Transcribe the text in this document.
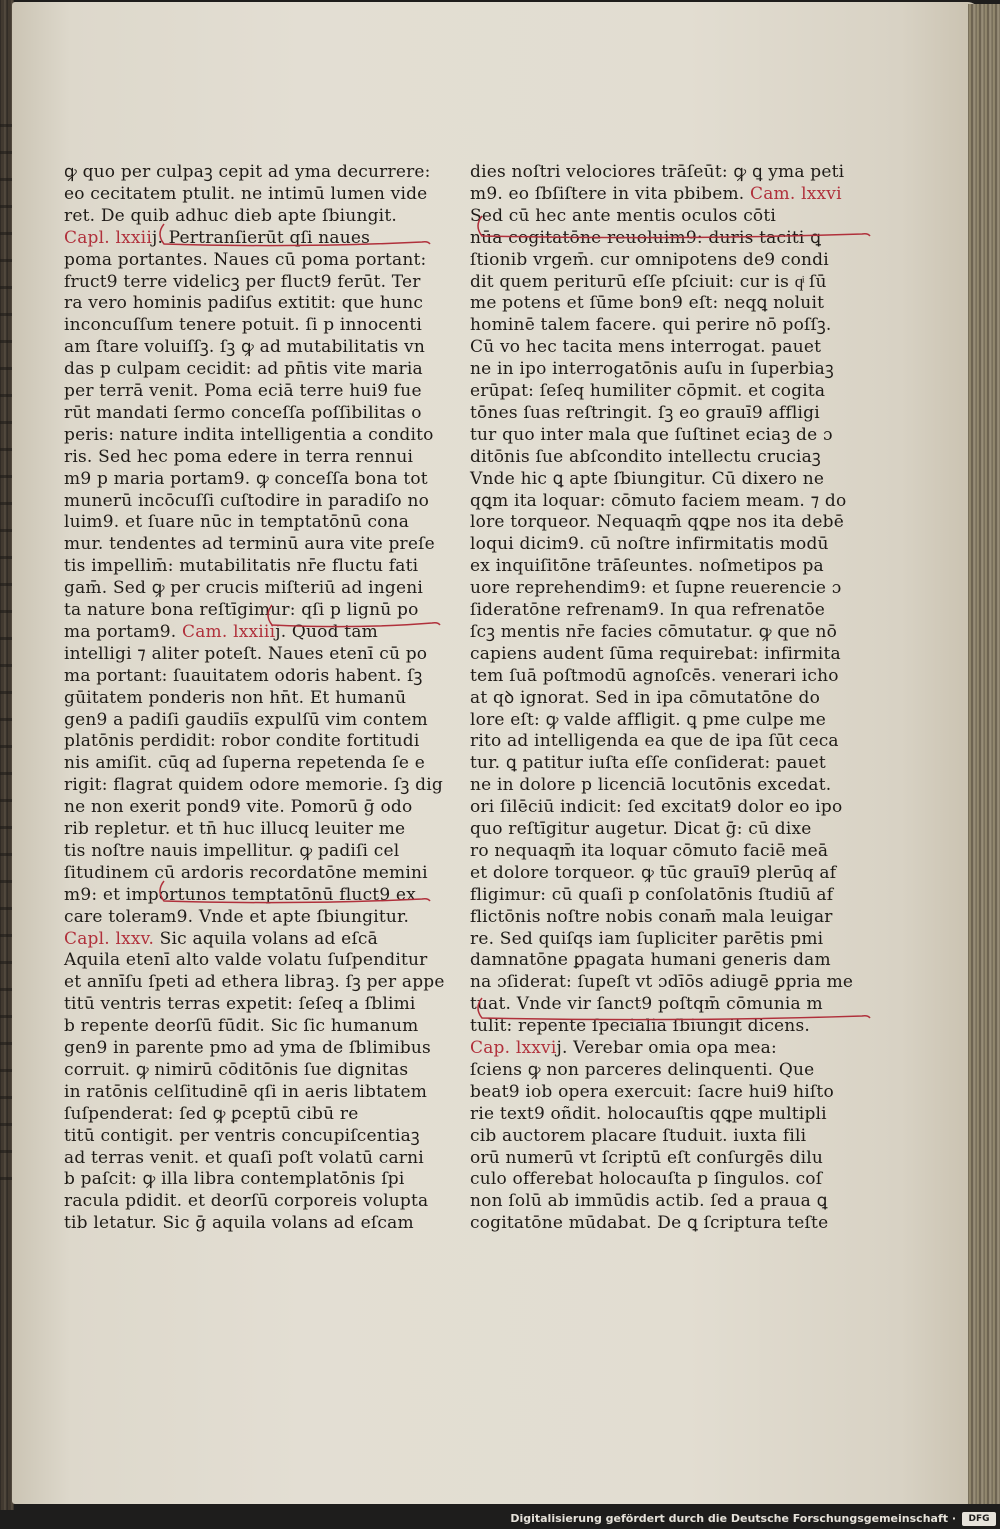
ꝙ quo per culpaꝫ cepit ad yma decurrere:
eo cecitatem ptulit. ne intimū lumen vide
ret. De quib adhuc dieb apte ſbiungit.
Capl. lxxiij. Pertranſierūt qſi naues
poma portantes. Naues cū poma portant:
fruct9 terre videlicꝫ per fluct9 ferūt. Ter
ra vero hominis padiſus extitit: que hunc
inconcuſſum tenere potuit. ſi p innocenti
am ſtare voluiſſꝫ. ſꝫ ꝙ ad mutabilitatis vn
das p culpam cecidit: ad pn̄tis vite maria
per terrā venit. Poma eciā terre hui9 fue
rūt mandati ſermo conceſſa poſſibilitas o
peris: nature indita intelligentia a condito
ris. Sed hec poma edere in terra rennui
m9 p maria portam9. ꝙ conceſſa bona tot
munerū incōcuſſi cuſtodire in paradiſo no
luim9. et ſuare nūc in temptatōnū cona
mur. tendentes ad terminū aura vite preſe
tis impellim̄: mutabilitatis nr̄e fluctu fati
gam̄. Sed ꝙ per crucis miſteriū ad ingeni
ta nature bona reſtīgimur: qſi p lignū po
ma portam9. Cam. lxxiiij. Quod tam
intelligi ⁊ aliter poteſt. Naues etenī cū po
ma portant: ſuauitatem odoris habent. ſꝫ
gūitatem ponderis non hn̄t. Et humanū
gen9 a padiſi gaudiīs expulſū vim contem
platōnis perdidit: robor condite fortitudi
nis amiſit. cūq ad ſuperna repetenda ſe e
rigit: flagrat quidem odore memorie. ſꝫ dig
ne non exerit pond9 vite. Pomorū ḡ odo
rib repletur. et tn̄ huc illucq leuiter me
tis noſtre nauis impellitur. ꝙ padiſi cel
ſitudinem cū ardoris recordatōne memini
m9: et importunos temptatōnū fluct9 ex
care toleram9. Vnde et apte ſbiungitur.
Capl. lxxv. Sic aquila volans ad eſcā
Aquila etenī alto valde volatu ſuſpenditur
et annīſu ſpeti ad ethera libraꝫ. ſꝫ per appe
titū ventris terras expetit: ſeſeq a ſblimi
b repente deorſū fūdit. Sic ſic humanum
gen9 in parente pmo ad yma de ſblimibus
corruit. ꝙ nimirū cōditōnis ſue dignitas
in ratōnis celſitudinē qſi in aeris libtatem
ſuſpenderat: ſed ꝙ ꝑceptū cibū re
titū contigit. per ventris concupiſcentiaꝫ
ad terras venit. et quaſi poſt volatū carni
b paſcit: ꝙ illa libra contemplatōnis ſpi
racula pdidit. et deorſū corporeis volupta
tib letatur. Sic ḡ aquila volans ad eſcam
dies noſtri velociores trāſeūt: ꝙ ꝗ yma peti
m9. eo ſbſiſtere in vita pbibem. Cam. lxxvi
Sed cū hec ante mentis oculos cōti
nūa cogitatōne reuoluim9: duris taciti ꝗ
ſtionib vrgem̄. cur omnipotens de9 condi
dit quem periturū eſſe pſciuit: cur is qͥ ſū
me potens et ſūme bon9 eſt: neqꝗ noluit
hominē talem facere. qui perire nō poſſꝫ.
Cū vo hec tacita mens interrogat. pauet
ne in ipo interrogatōnis auſu in ſuperbiaꝫ
erūpat: ſeſeq humiliter cōpmit. et cogita
tōnes ſuas reſtringit. ſꝫ eo grauī9 affligi
tur quo inter mala que ſuſtinet eciaꝫ de ɔ
ditōnis ſue abſcondito intellectu cruciaꝫ
Vnde hic ꝗ apte ſbiungitur. Cū dixero ne
qꝗm ita loquar: cōmuto faciem meam. ⁊ do
lore torqueor. Nequaqm̄ qꝗpe nos ita debē
loqui dicim9. cū noſtre infirmitatis modū
ex inquiſitōne trāſeuntes. noſmetipos pa
uore reprehendim9: et ſupne reuerencie ɔ
ſideratōne refrenam9. In qua refrenatōe
ſcꝫ mentis nr̄e facies cōmutatur. ꝙ que nō
capiens audent ſūma requirebat: infirmita
tem ſuā poſtmodū agnoſcēs. venerari icho
at qꝺ ignorat. Sed in ipa cōmutatōne do
lore eſt: ꝙ valde affligit. ꝗ pme culpe me
rito ad intelligenda ea que de ipa ſūt ceca
tur. ꝗ patitur iuſta eſſe conſiderat: pauet
ne in dolore p licenciā locutōnis excedat.
ori ſilēciū indicit: ſed excitat9 dolor eo ipo
quo reſtīgitur augetur. Dicat ḡ: cū dixe
ro nequaqm̄ ita loquar cōmuto faciē meā
et dolore torqueor. ꝙ tūc grauī9 plerūq af
fligimur: cū quaſi p conſolatōnis ſtudiū af
flictōnis noſtre nobis conam̄ mala leuigar
re. Sed quiſqs iam ſupliciter parētis pmi
damnatōne ꝑpagata humani generis dam
na ɔſiderat: ſupeſt vt ɔdīōs adiugē ꝑpria me
tuat. Vnde vir ſanct9 poſtqm̄ cōmunia m
tulit: repente ſpecialia ſbiungit dicens.
Cap. lxxvij. Verebar omia opa mea:
ſciens ꝙ non parceres delinquenti. Que
beat9 iob opera exercuit: ſacre hui9 hiſto
rie text9 oñdit. holocauſtis qꝗpe multipli
cib auctorem placare ſtuduit. iuxta fili
orū numerū vt ſcriptū eſt conſurgēs dilu
culo offerebat holocauſta p ſingulos. coſ
non ſolū ab immūdis actib. ſed a praua ꝗ
cogitatōne mūdabat. De ꝗ ſcriptura teſte
Digitalisierung gefördert durch die Deutsche Forschungsgemeinschaft ·	DFG
